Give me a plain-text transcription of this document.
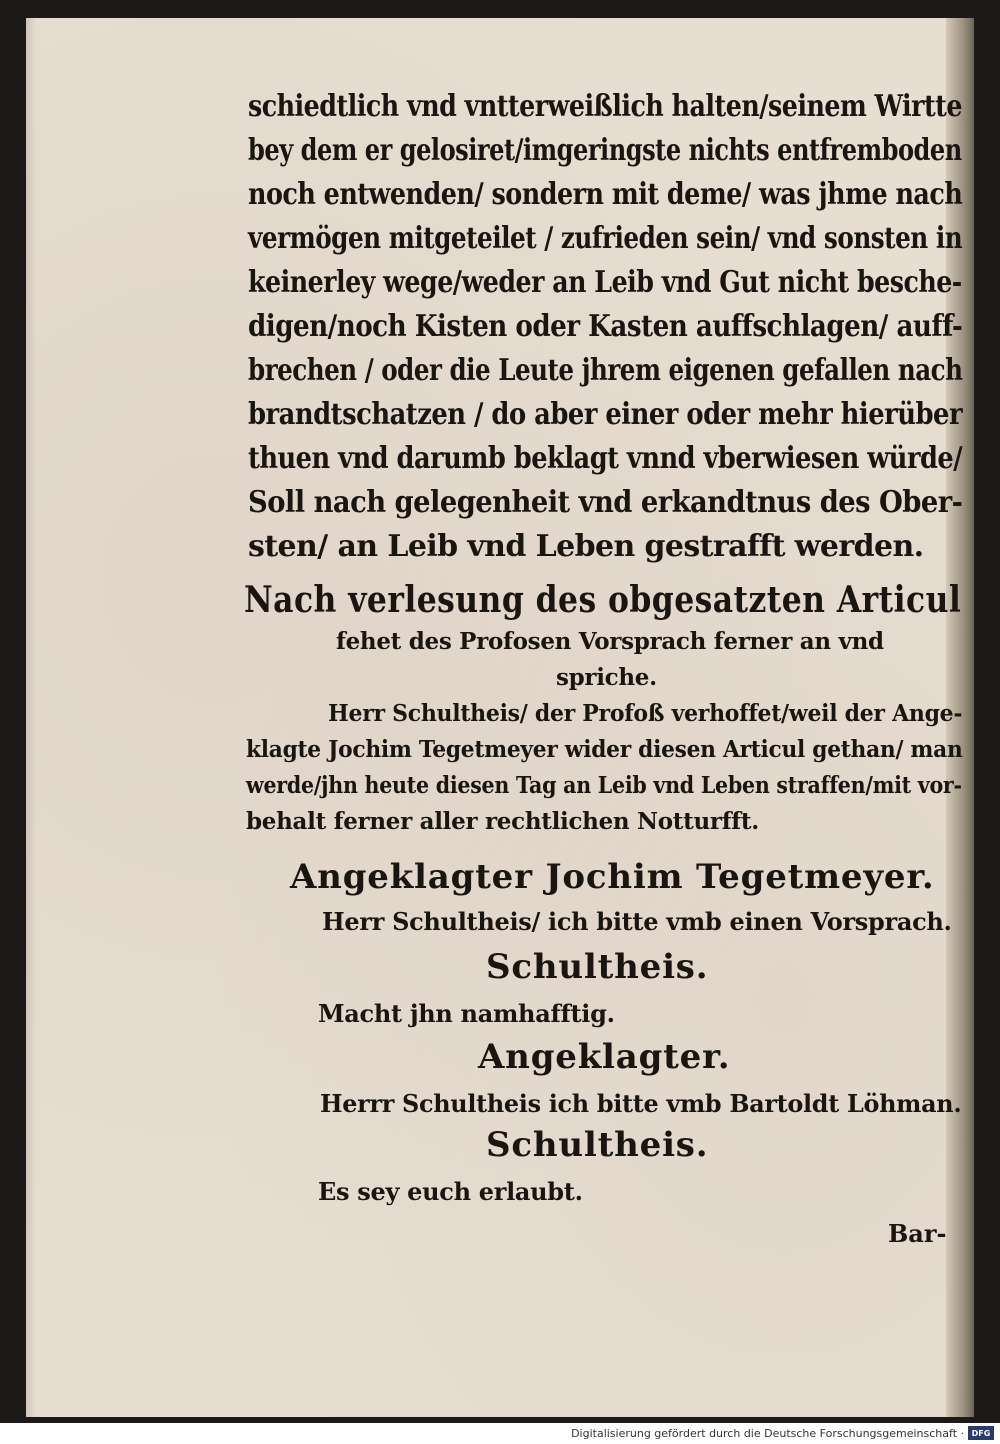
schiedtlich vnd vntterweißlich halten/seinem Wirtte
bey dem er gelosiret/imgeringste nichts entfremboden
noch entwenden/ sondern mit deme/ was jhme nach
vermögen mitgeteilet / zufrieden sein/ vnd sonsten in
keinerley wege/weder an Leib vnd Gut nicht besche-
digen/noch Kisten oder Kasten auffschlagen/ auff-
brechen / oder die Leute jhrem eigenen gefallen nach
brandtschatzen / do aber einer oder mehr hierüber
thuen vnd darumb beklagt vnnd vberwiesen würde/
Soll nach gelegenheit vnd erkandtnus des Ober-
sten/ an Leib vnd Leben gestrafft werden.
Nach verlesung des obgesatzten Articul
fehet des Profosen Vorsprach ferner an vnd
spriche.
Herr Schultheis/ der Profoß verhoffet/weil der Ange-
klagte Jochim Tegetmeyer wider diesen Articul gethan/ man
werde/jhn heute diesen Tag an Leib vnd Leben straffen/mit vor-
behalt ferner aller rechtlichen Notturfft.
Angeklagter Jochim Tegetmeyer.
Herr Schultheis/ ich bitte vmb einen Vorsprach.
Schultheis.
Macht jhn namhafftig.
Angeklagter.
Herrr Schultheis ich bitte vmb Bartoldt Löhman.
Schultheis.
Es sey euch erlaubt.
Bar-
Digitalisierung gefördert durch die Deutsche Forschungsgemeinschaft · DFG
